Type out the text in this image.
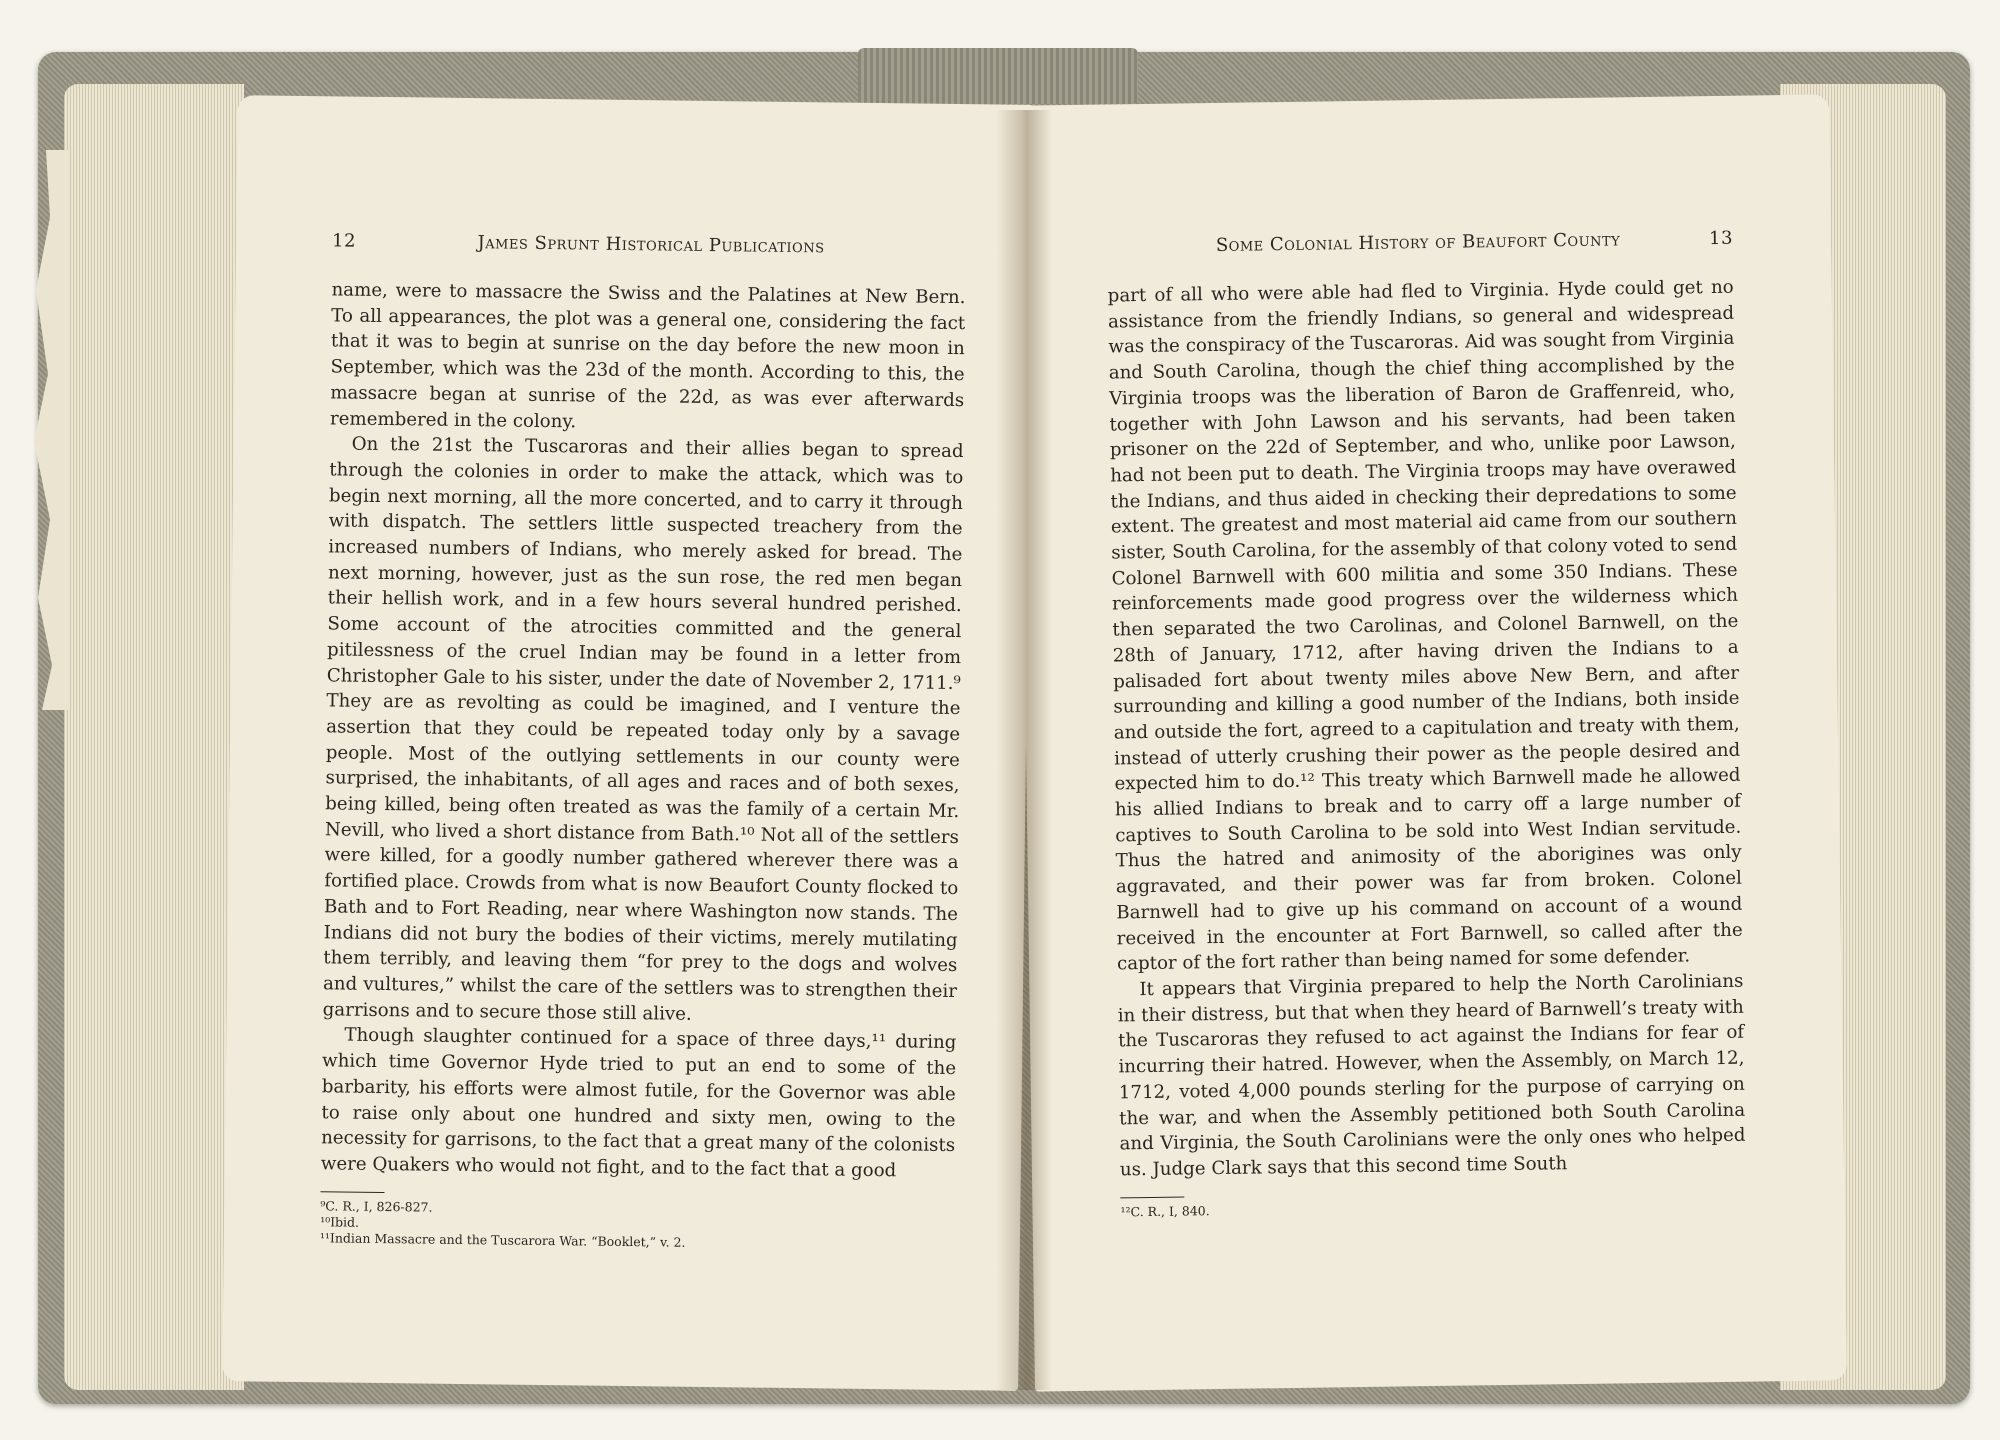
12	James Sprunt Historical Publications

name, were to massacre the Swiss and the Palatines at New Bern. To all appearances, the plot was a general one, considering the fact that it was to begin at sunrise on the day before the new moon in September, which was the 23d of the month. According to this, the massacre began at sunrise of the 22d, as was ever afterwards remembered in the colony.

On the 21st the Tuscaroras and their allies began to spread through the colonies in order to make the attack, which was to begin next morning, all the more concerted, and to carry it through with dispatch. The settlers little suspected treachery from the increased numbers of Indians, who merely asked for bread. The next morning, however, just as the sun rose, the red men began their hellish work, and in a few hours several hundred perished. Some account of the atrocities committed and the general pitilessness of the cruel Indian may be found in a letter from Christopher Gale to his sister, under the date of November 2, 1711.⁹ They are as revolting as could be imagined, and I venture the assertion that they could be repeated today only by a savage people. Most of the outlying settlements in our county were surprised, the inhabitants, of all ages and races and of both sexes, being killed, being often treated as was the family of a certain Mr. Nevill, who lived a short distance from Bath.¹⁰ Not all of the settlers were killed, for a goodly number gathered wherever there was a fortified place. Crowds from what is now Beaufort County flocked to Bath and to Fort Reading, near where Washington now stands. The Indians did not bury the bodies of their victims, merely mutilating them terribly, and leaving them “for prey to the dogs and wolves and vultures,” whilst the care of the settlers was to strengthen their garrisons and to secure those still alive.

Though slaughter continued for a space of three days,¹¹ during which time Governor Hyde tried to put an end to some of the barbarity, his efforts were almost futile, for the Governor was able to raise only about one hundred and sixty men, owing to the necessity for garrisons, to the fact that a great many of the colonists were Quakers who would not fight, and to the fact that a good

⁹C. R., I, 826-827.
¹⁰Ibid.
¹¹Indian Massacre and the Tuscarora War. “Booklet,” v. 2.
Some Colonial History of Beaufort County	13

part of all who were able had fled to Virginia. Hyde could get no assistance from the friendly Indians, so general and widespread was the conspiracy of the Tuscaroras. Aid was sought from Virginia and South Carolina, though the chief thing accomplished by the Virginia troops was the liberation of Baron de Graffenreid, who, together with John Lawson and his servants, had been taken prisoner on the 22d of September, and who, unlike poor Lawson, had not been put to death. The Virginia troops may have overawed the Indians, and thus aided in checking their depredations to some extent. The greatest and most material aid came from our southern sister, South Carolina, for the assembly of that colony voted to send Colonel Barnwell with 600 militia and some 350 Indians. These reinforcements made good progress over the wilderness which then separated the two Carolinas, and Colonel Barnwell, on the 28th of January, 1712, after having driven the Indians to a palisaded fort about twenty miles above New Bern, and after surrounding and killing a good number of the Indians, both inside and outside the fort, agreed to a capitulation and treaty with them, instead of utterly crushing their power as the people desired and expected him to do.¹² This treaty which Barnwell made he allowed his allied Indians to break and to carry off a large number of captives to South Carolina to be sold into West Indian servitude. Thus the hatred and animosity of the aborigines was only aggravated, and their power was far from broken. Colonel Barnwell had to give up his command on account of a wound received in the encounter at Fort Barnwell, so called after the captor of the fort rather than being named for some defender.

It appears that Virginia prepared to help the North Carolinians in their distress, but that when they heard of Barnwell’s treaty with the Tuscaroras they refused to act against the Indians for fear of incurring their hatred. However, when the Assembly, on March 12, 1712, voted 4,000 pounds sterling for the purpose of carrying on the war, and when the Assembly petitioned both South Carolina and Virginia, the South Carolinians were the only ones who helped us. Judge Clark says that this second time South

¹²C. R., I, 840.
